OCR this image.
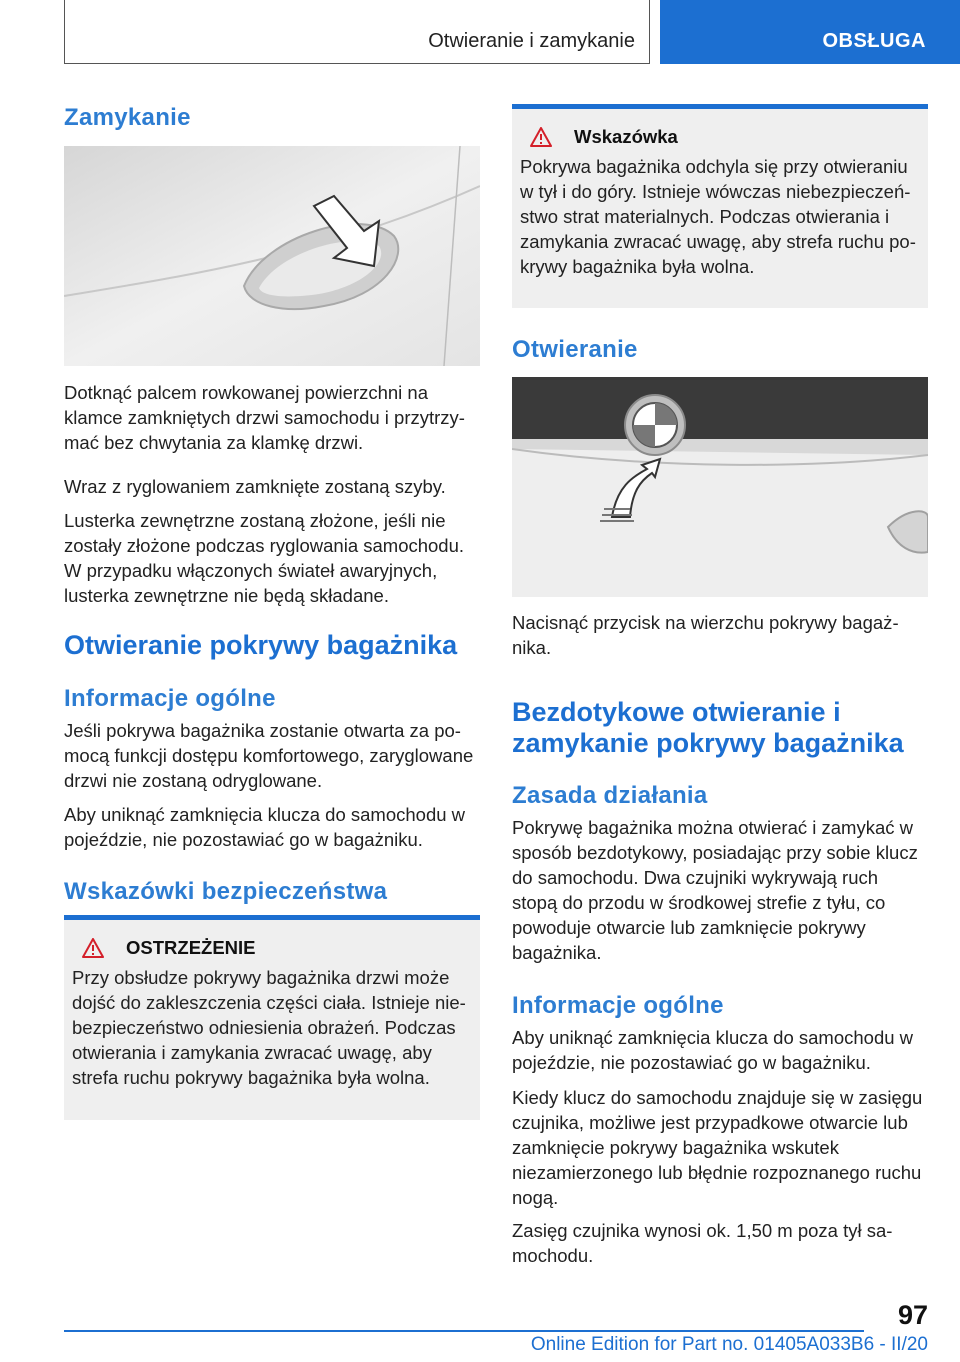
Otwieranie i zamykanie	OBSŁUGA
Zamykanie
Dotknąć palcem rowkowanej powierzchni na klamce zamkniętych drzwi samochodu i przytrzymać bez chwytania za klamkę drzwi.
Wraz z ryglowaniem zamknięte zostaną szyby.
Lusterka zewnętrzne zostaną złożone, jeśli nie zostały złożone podczas ryglowania samochodu. W przypadku włączonych świateł awaryjnych, lusterka zewnętrzne nie będą składane.
Otwieranie pokrywy bagażnika
Informacje ogólne
Jeśli pokrywa bagażnika zostanie otwarta za pomocą funkcji dostępu komfortowego, zaryglowane drzwi nie zostaną odryglowane.
Aby uniknąć zamknięcia klucza do samochodu w pojeździe, nie pozostawiać go w bagażniku.
Wskazówki bezpieczeństwa
OSTRZEŻENIE
Przy obsłudze pokrywy bagażnika drzwi może dojść do zakleszczenia części ciała. Istnieje niebezpieczeństwo odniesienia obrażeń. Podczas otwierania i zamykania zwracać uwagę, aby strefa ruchu pokrywy bagażnika była wolna.
Wskazówka
Pokrywa bagażnika odchyla się przy otwieraniu w tył i do góry. Istnieje wówczas niebezpieczeństwo strat materialnych. Podczas otwierania i zamykania zwracać uwagę, aby strefa ruchu pokrywy bagażnika była wolna.
Otwieranie
Nacisnąć przycisk na wierzchu pokrywy bagażnika.
Bezdotykowe otwieranie i
zamykanie pokrywy bagażnika
Zasada działania
Pokrywę bagażnika można otwierać i zamykać w sposób bezdotykowy, posiadając przy sobie klucz do samochodu. Dwa czujniki wykrywają ruch stopą do przodu w środkowej strefie z tyłu, co powoduje otwarcie lub zamknięcie pokrywy bagażnika.
Informacje ogólne
Aby uniknąć zamknięcia klucza do samochodu w pojeździe, nie pozostawiać go w bagażniku.
Kiedy klucz do samochodu znajduje się w zasięgu czujnika, możliwe jest przypadkowe otwarcie lub zamknięcie pokrywy bagażnika wskutek niezamierzonego lub błędnie rozpoznanego ruchu nogą.
Zasięg czujnika wynosi ok. 1,50 m poza tył samochodu.
97
Online Edition for Part no. 01405A033B6 - II/20
